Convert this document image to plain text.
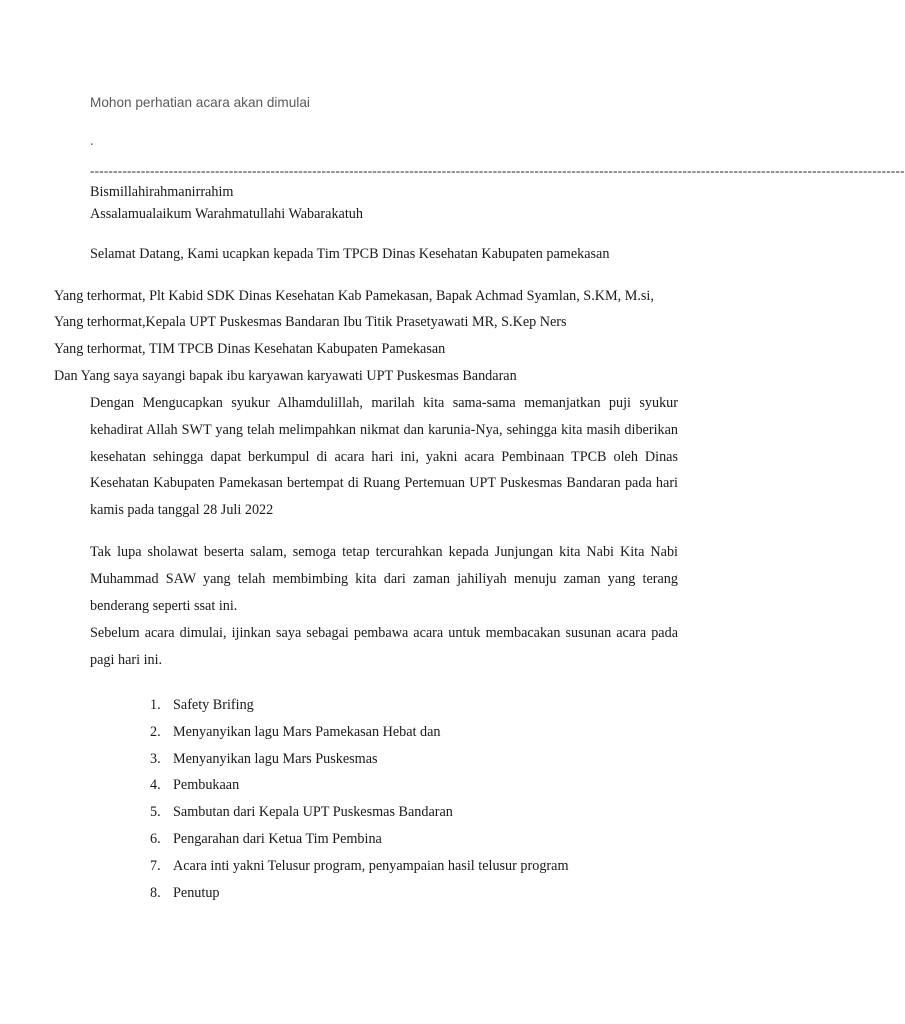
Mohon perhatian acara akan dimulai
.
--------------------------------------------------------------------------------------------------------------------------------------------------------------------------------
Bismillahirahmanirrahim
Assalamualaikum Warahmatullahi Wabarakatuh
Selamat Datang, Kami ucapkan kepada Tim TPCB Dinas Kesehatan Kabupaten pamekasan
Yang terhormat, Plt Kabid SDK Dinas Kesehatan Kab Pamekasan, Bapak Achmad Syamlan, S.KM, M.si,
Yang terhormat,Kepala UPT Puskesmas Bandaran Ibu Titik Prasetyawati MR, S.Kep Ners
Yang terhormat, TIM TPCB Dinas Kesehatan Kabupaten Pamekasan
Dan Yang saya sayangi bapak ibu karyawan karyawati UPT Puskesmas Bandaran
Dengan Mengucapkan syukur Alhamdulillah, marilah kita sama-sama memanjatkan puji syukur kehadirat Allah SWT yang telah melimpahkan nikmat dan karunia-Nya, sehingga kita masih diberikan kesehatan sehingga dapat berkumpul di acara hari ini, yakni acara Pembinaan TPCB oleh Dinas Kesehatan Kabupaten Pamekasan bertempat di Ruang Pertemuan UPT Puskesmas Bandaran pada hari kamis pada tanggal 28 Juli 2022
Tak lupa sholawat beserta salam, semoga tetap tercurahkan kepada Junjungan kita Nabi Kita Nabi Muhammad SAW yang telah membimbing kita dari zaman jahiliyah menuju zaman yang terang benderang seperti ssat ini.
Sebelum acara dimulai, ijinkan saya sebagai pembawa acara untuk membacakan susunan acara pada pagi hari ini.
1. Safety Brifing
2. Menyanyikan lagu Mars Pamekasan Hebat dan
3. Menyanyikan lagu Mars Puskesmas
4. Pembukaan
5. Sambutan dari Kepala UPT Puskesmas Bandaran
6. Pengarahan dari Ketua Tim Pembina
7. Acara inti yakni Telusur program, penyampaian hasil telusur program
8. Penutup
